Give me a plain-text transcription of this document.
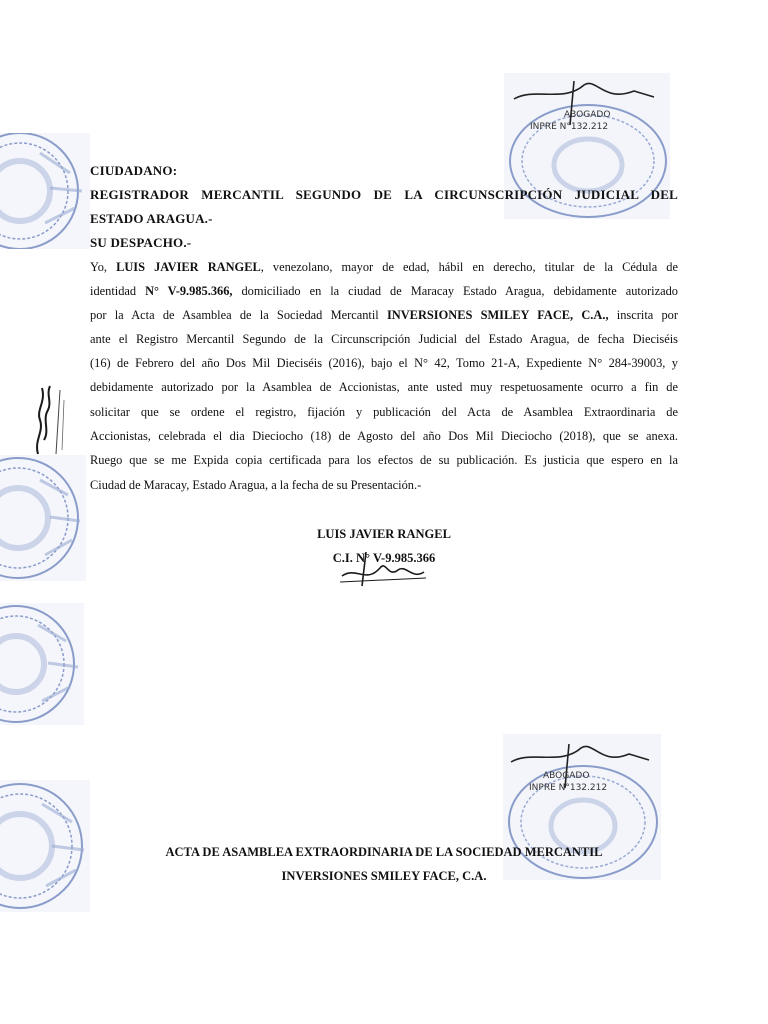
ABOGADO
INPRE N°132.212
ABOGADO
INPRE N°132.212
CIUDADANO:
REGISTRADOR MERCANTIL SEGUNDO DE LA CIRCUNSCRIPCIÓN JUDICIAL DEL
ESTADO ARAGUA.-
SU DESPACHO.-
Yo, LUIS JAVIER RANGEL, venezolano, mayor de edad, hábil en derecho, titular de la Cédula de
identidad N° V-9.985.366, domiciliado en la ciudad de Maracay Estado Aragua, debidamente autorizado
por la Acta de Asamblea de la Sociedad Mercantil INVERSIONES SMILEY FACE, C.A., inscrita por
ante el Registro Mercantil Segundo de la Circunscripción Judicial del Estado Aragua, de fecha Dieciséis
(16) de Febrero del año Dos Mil Dieciséis (2016), bajo el N° 42, Tomo 21-A, Expediente N° 284-39003, y
debidamente autorizado por la Asamblea de Accionistas, ante usted muy respetuosamente ocurro a fin de
solicitar que se ordene el registro, fijación y publicación del Acta de Asamblea Extraordinaria de
Accionistas, celebrada el dia Dieciocho (18) de Agosto del año Dos Mil Dieciocho (2018), que se anexa.
Ruego que se me Expida copia certificada para los efectos de su publicación. Es justicia que espero en la
Ciudad de Maracay, Estado Aragua, a la fecha de su Presentación.-
LUIS JAVIER RANGEL
C.I. N° V-9.985.366
ACTA DE ASAMBLEA EXTRAORDINARIA DE LA SOCIEDAD MERCANTIL
INVERSIONES SMILEY FACE, C.A.
